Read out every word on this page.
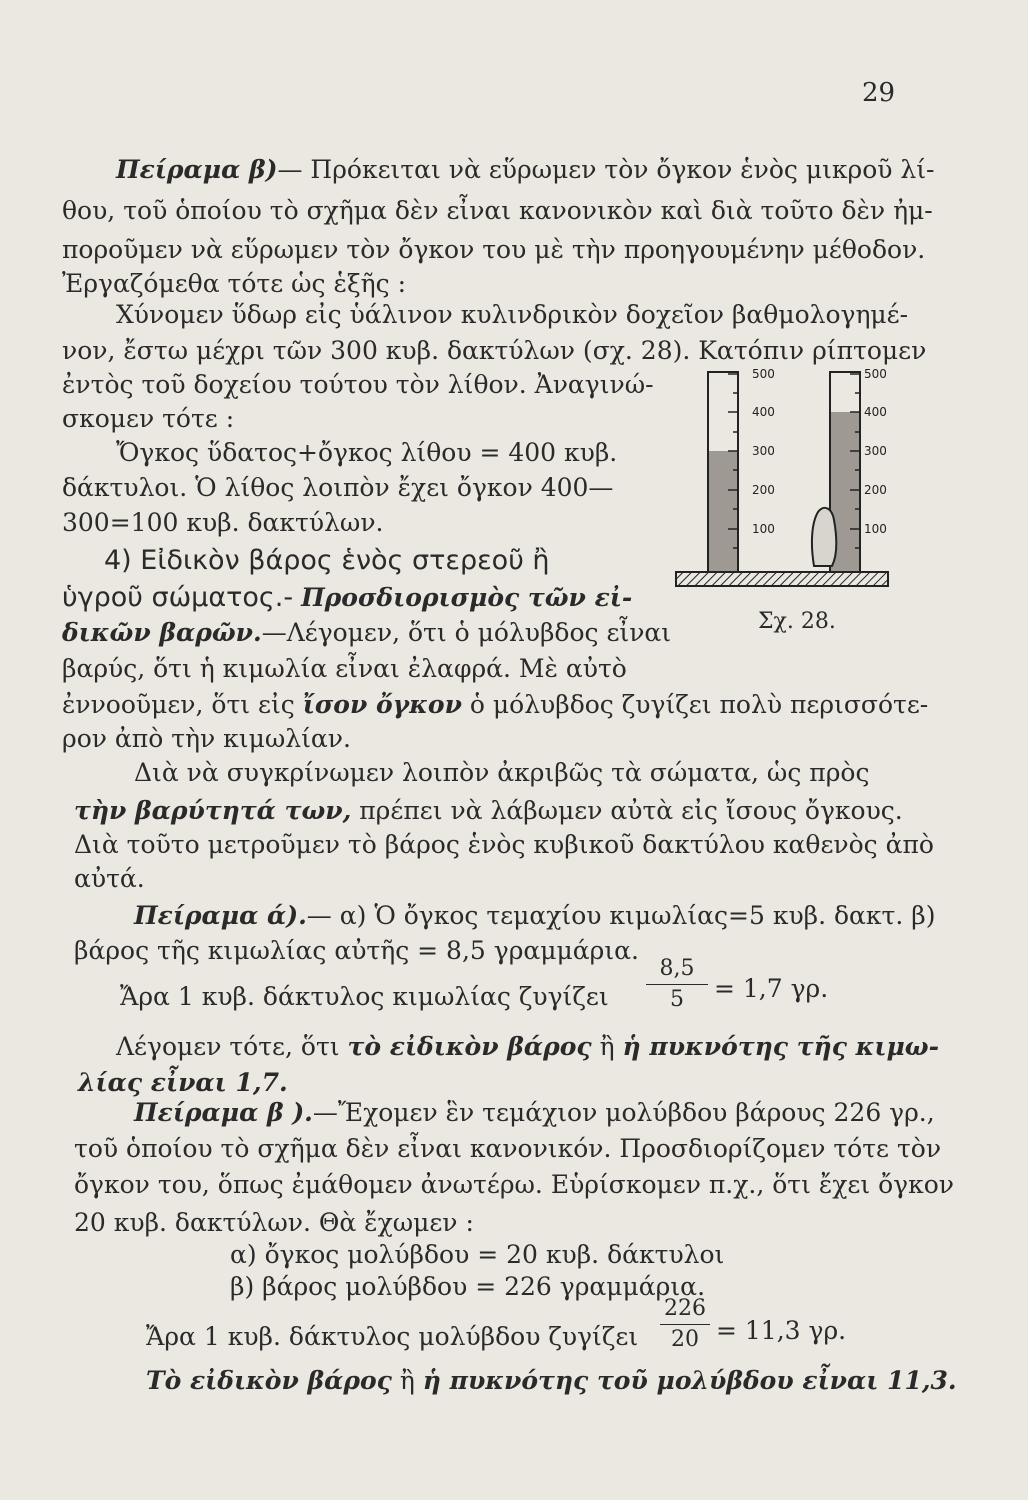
29
Πείραμα β)— Πρόκειται νὰ εὕρωμεν τὸν ὄγκον ἑνὸς μικροῦ λί-
θου, τοῦ ὁποίου τὸ σχῆμα δὲν εἶναι κανονικὸν καὶ διὰ τοῦτο δὲν ἠμ-
ποροῦμεν νὰ εὕρωμεν τὸν ὄγκον του μὲ τὴν προηγουμένην μέθοδον.
Ἐργαζόμεθα τότε ὡς ἑξῆς :
Χύνομεν ὕδωρ εἰς ὑάλινον κυλινδρικὸν δοχεῖον βαθμολογημέ-
νον, ἔστω μέχρι τῶν 300 κυβ. δακτύλων (σχ. 28). Κατόπιν ρίπτομεν
ἐντὸς τοῦ δοχείου τούτου τὸν λίθον. Ἀναγινώ-
σκομεν τότε :
Ὄγκος ὕδατος+ὄγκος λίθου = 400 κυβ.
δάκτυλοι. Ὁ λίθος λοιπὸν ἔχει ὄγκον 400—
300=100 κυβ. δακτύλων.
4) Εἰδικὸν βάρος ἑνὸς στερεοῦ ἢ
ὑγροῦ σώματος.- Προσδιορισμὸς τῶν εἰ-
δικῶν βαρῶν.—Λέγομεν, ὅτι ὁ μόλυβδος εἶναι
βαρύς, ὅτι ἡ κιμωλία εἶναι ἐλαφρά. Μὲ αὐτὸ
ἐννοοῦμεν, ὅτι εἰς ἴσον ὄγκον ὁ μόλυβδος ζυγίζει πολὺ περισσότε-
ρον ἀπὸ τὴν κιμωλίαν.
Διὰ νὰ συγκρίνωμεν λοιπὸν ἀκριβῶς τὰ σώματα, ὡς πρὸς
τὴν βαρύτητά των, πρέπει νὰ λάβωμεν αὐτὰ εἰς ἴσους ὄγκους.
Διὰ τοῦτο μετροῦμεν τὸ βάρος ἑνὸς κυβικοῦ δακτύλου καθενὸς ἀπὸ
αὐτά.
Πείραμα ά).— α) Ὁ ὄγκος τεμαχίου κιμωλίας=5 κυβ. δακτ. β)
βάρος τῆς κιμωλίας αὐτῆς = 8,5 γραμμάρια.
Ἄρα 1 κυβ. δάκτυλος κιμωλίας ζυγίζει
8,5
5	= 1,7 γρ.
Λέγομεν τότε, ὅτι τὸ εἰδικὸν βάρος ἢ ἡ πυκνότης τῆς κιμω-
λίας εἶναι 1,7.
Πείραμα β ).—Ἔχομεν ἓν τεμάχιον μολύβδου βάρους 226 γρ.,
τοῦ ὁποίου τὸ σχῆμα δὲν εἶναι κανονικόν. Προσδιορίζομεν τότε τὸν
ὄγκον του, ὅπως ἐμάθομεν ἀνωτέρω. Εὑρίσκομεν π.χ., ὅτι ἔχει ὄγκον
20 κυβ. δακτύλων. Θὰ ἔχωμεν :
α) ὄγκος μολύβδου = 20 κυβ. δάκτυλοι
β) βάρος μολύβδου = 226 γραμμάρια.
Ἄρα 1 κυβ. δάκτυλος μολύβδου ζυγίζει
226
20 = 11,3 γρ.
Τὸ εἰδικὸν βάρος ἢ ἡ πυκνότης τοῦ μολύβδου εἶναι 11,3.
500
400
300
200
100
500
400
300
200
100
Σχ. 28.
